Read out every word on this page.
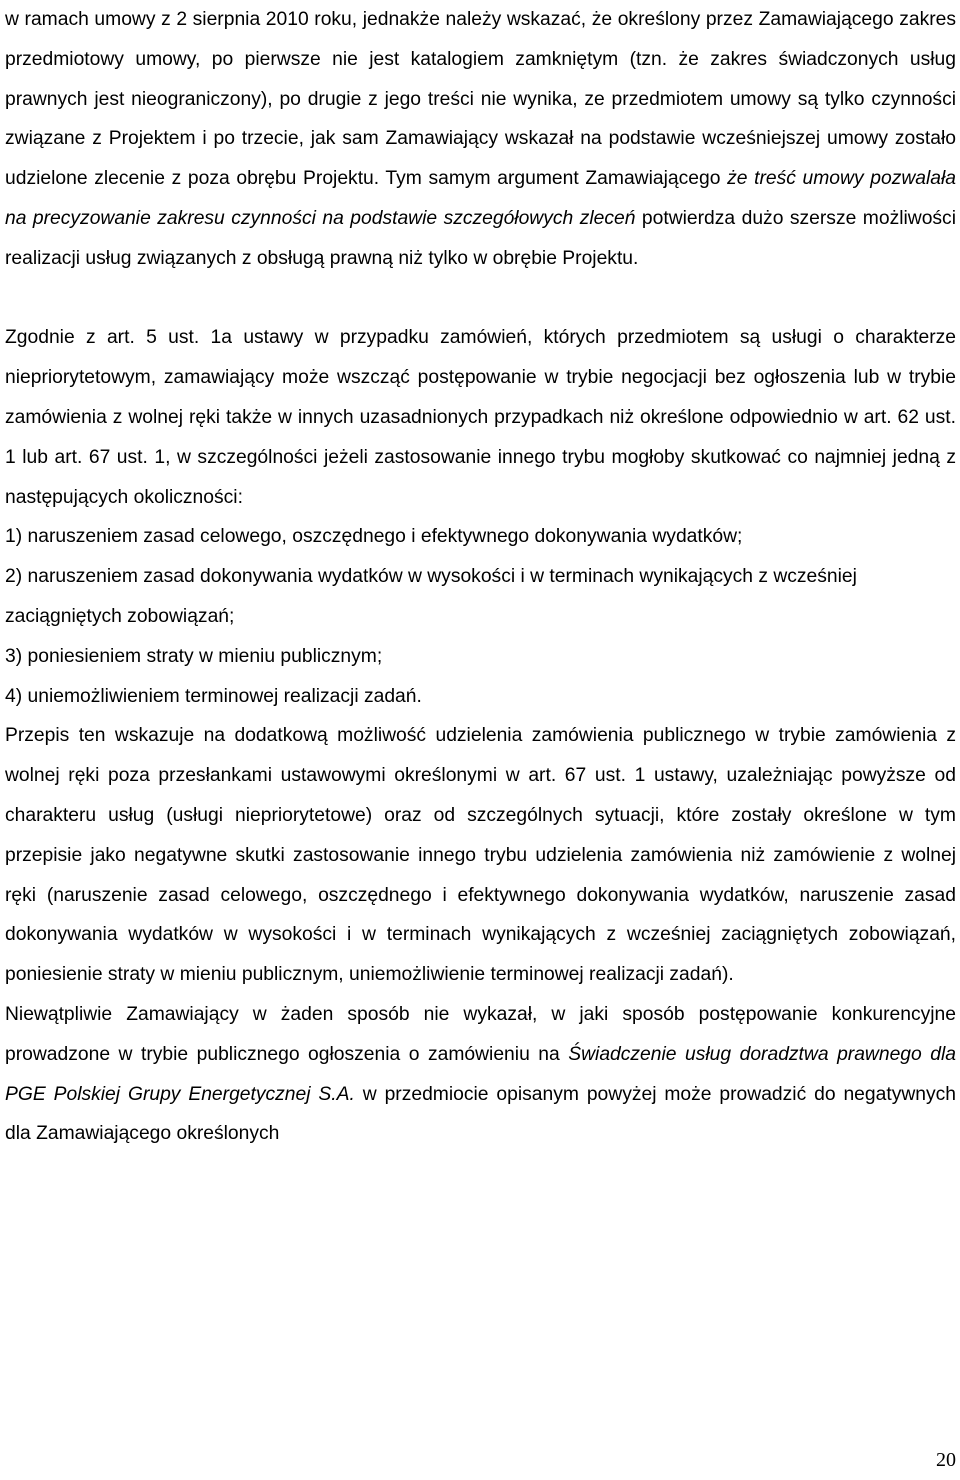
w ramach umowy z 2 sierpnia 2010 roku, jednakże należy wskazać, że określony przez Zamawiającego zakres przedmiotowy umowy, po pierwsze nie jest katalogiem zamkniętym (tzn. że zakres świadczonych usług prawnych jest nieograniczony), po drugie z jego treści nie wynika, ze przedmiotem umowy są tylko czynności związane z Projektem i po trzecie, jak sam Zamawiający wskazał na podstawie wcześniejszej umowy zostało udzielone zlecenie z poza obrębu Projektu. Tym samym argument Zamawiającego że treść umowy pozwalała na precyzowanie zakresu czynności na podstawie szczegółowych zleceń potwierdza dużo szersze możliwości realizacji usług związanych z obsługą prawną niż tylko w obrębie Projektu.

Zgodnie z art. 5 ust. 1a ustawy w przypadku zamówień, których przedmiotem są usługi o charakterze niepriorytetowym, zamawiający może wszcząć postępowanie w trybie negocjacji bez ogłoszenia lub w trybie zamówienia z wolnej ręki także w innych uzasadnionych przypadkach niż określone odpowiednio w art. 62 ust. 1 lub art. 67 ust. 1, w szczególności jeżeli zastosowanie innego trybu mogłoby skutkować co najmniej jedną z następujących okoliczności:

1) naruszeniem zasad celowego, oszczędnego i efektywnego dokonywania wydatków;

2) naruszeniem zasad dokonywania wydatków w wysokości i w terminach wynikających z wcześniej zaciągniętych zobowiązań;

3) poniesieniem straty w mieniu publicznym;

4) uniemożliwieniem terminowej realizacji zadań.

Przepis ten wskazuje na dodatkową możliwość udzielenia zamówienia publicznego w trybie zamówienia z wolnej ręki poza przesłankami ustawowymi określonymi w art. 67 ust. 1 ustawy, uzależniając powyższe od charakteru usług (usługi niepriorytetowe) oraz od szczególnych sytuacji, które zostały określone w tym przepisie jako negatywne skutki zastosowanie innego trybu udzielenia zamówienia niż zamówienie z wolnej ręki (naruszenie zasad celowego, oszczędnego i efektywnego dokonywania wydatków, naruszenie zasad dokonywania wydatków w wysokości i w terminach wynikających z wcześniej zaciągniętych zobowiązań, poniesienie straty w mieniu publicznym, uniemożliwienie terminowej realizacji zadań).

Niewątpliwie Zamawiający w żaden sposób nie wykazał, w jaki sposób postępowanie konkurencyjne prowadzone w trybie publicznego ogłoszenia o zamówieniu na Świadczenie usług doradztwa prawnego dla PGE Polskiej Grupy Energetycznej S.A. w przedmiocie opisanym powyżej może prowadzić do negatywnych dla Zamawiającego określonych

20
